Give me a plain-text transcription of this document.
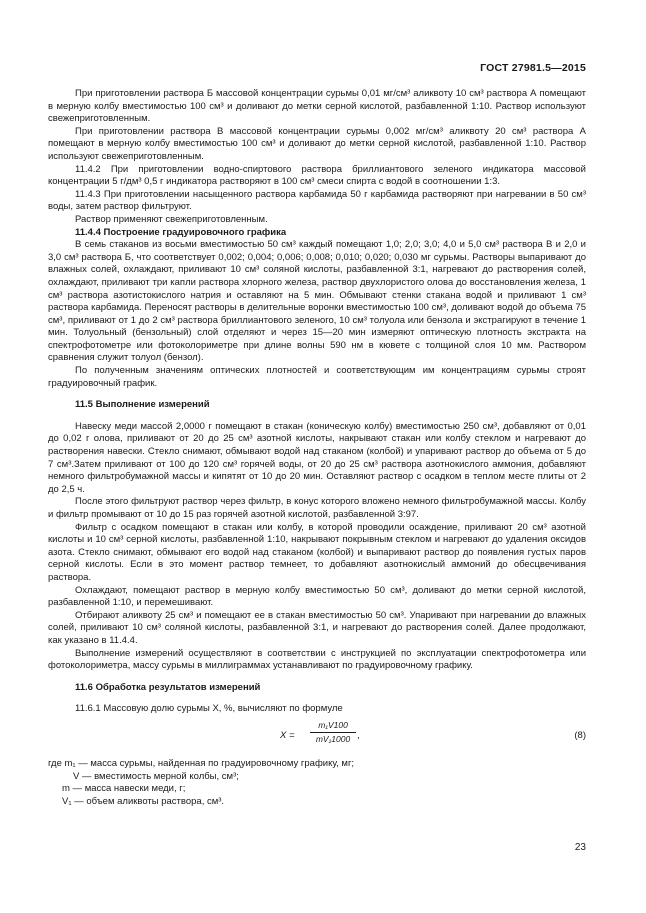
ГОСТ 27981.5—2015

При приготовлении раствора Б массовой концентрации сурьмы 0,01 мг/см³ аликвоту 10 см³ раствора А помещают в мерную колбу вместимостью 100 см³ и доливают до метки серной кислотой, разбавленной 1:10. Раствор используют свежеприготовленным.

При приготовлении раствора В массовой концентрации сурьмы 0,002 мг/см³ аликвоту 20 см³ раствора А помещают в мерную колбу вместимостью 100 см³ и доливают до метки серной кислотой, разбавленной 1:10. Раствор используют свежеприготовленным.

11.4.2 При приготовлении водно-спиртового раствора бриллиантового зеленого индикатора массовой концентрации 5 г/дм³ 0,5 г индикатора растворяют в 100 см³ смеси спирта с водой в соотношении 1:3.

11.4.3 При приготовлении насыщенного раствора карбамида 50 г карбамида растворяют при нагревании в 50 см³ воды, затем раствор фильтруют.

Раствор применяют свежеприготовленным.

11.4.4 Построение градуировочного графика

В семь стаканов из восьми вместимостью 50 см³ каждый помещают 1,0; 2,0; 3,0; 4,0 и 5,0 см³ раствора В и 2,0 и 3,0 см³ раствора Б, что соответствует 0,002; 0,004; 0,006; 0,008; 0,010; 0,020; 0,030 мг сурьмы. Растворы выпаривают до влажных солей, охлаждают, приливают 10 см³ соляной кислоты, разбавленной 3:1, нагревают до растворения солей, охлаждают, приливают три капли раствора хлорного железа, раствор двухлористого олова до восстановления железа, 1 см³ раствора азотистокислого натрия и оставляют на 5 мин. Обмывают стенки стакана водой и приливают 1 см³ раствора карбамида. Переносят растворы в делительные воронки вместимостью 100 см³, доливают водой до объема 75 см³, приливают от 1 до 2 см³ раствора бриллиантового зеленого, 10 см³ толуола или бензола и экстрагируют в течение 1 мин. Толуольный (бензольный) слой отделяют и через 15—20 мин измеряют оптическую плотность экстракта на спектрофотометре или фотоколориметре при длине волны 590 нм в кювете с толщиной слоя 10 мм. Раствором сравнения служит толуол (бензол).

По полученным значениям оптических плотностей и соответствующим им концентрациям сурьмы строят градуировочный график.

11.5 Выполнение измерений

Навеску меди массой 2,0000 г помещают в стакан (коническую колбу) вместимостью 250 см³, добавляют от 0,01 до 0,02 г олова, приливают от 20 до 25 см³ азотной кислоты, накрывают стакан или колбу стеклом и нагревают до растворения навески. Стекло снимают, обмывают водой над стаканом (колбой) и упаривают раствор до объема от 5 до 7 см³.Затем приливают от 100 до 120 см³ горячей воды, от 20 до 25 см³ раствора азотнокислого аммония, добавляют немного фильтробумажной массы и кипятят от 10 до 20 мин. Оставляют раствор с осадком в теплом месте плиты от 2 до 2,5 ч.

После этого фильтруют раствор через фильтр, в конус которого вложено немного фильтробумажной массы. Колбу и фильтр промывают от 10 до 15 раз горячей азотной кислотой, разбавленной 3:97.

Фильтр с осадком помещают в стакан или колбу, в которой проводили осаждение, приливают 20 см³ азотной кислоты и 10 см³ серной кислоты, разбавленной 1:10, накрывают покрывным стеклом и нагревают до удаления оксидов азота. Стекло снимают, обмывают его водой над стаканом (колбой) и выпаривают раствор до появления густых паров серной кислоты. Если в это момент раствор темнеет, то добавляют азотнокислый аммоний до обесцвечивания раствора.

Охлаждают, помещают раствор в мерную колбу вместимостью 50 см³, доливают до метки серной кислотой, разбавленной 1:10, и перемешивают.

Отбирают аликвоту 25 см³ и помещают ее в стакан вместимостью 50 см³. Упаривают при нагревании до влажных солей, приливают 10 см³ соляной кислоты, разбавленной 3:1, и нагревают до растворения солей. Далее продолжают, как указано в 11.4.4.

Выполнение измерений осуществляют в соответствии с инструкцией по эксплуатации спектрофотометра или фотоколориметра, массу сурьмы в миллиграммах устанавливают по градуировочному графику.

11.6 Обработка результатов измерений

11.6.1 Массовую долю сурьмы X, %, вычисляют по формуле

$X = \frac{\text{m₁V100}}{\text{mV₁1000}}$ ,	(8)
где m₁ — масса сурьмы, найденная по градуировочному графику, мг;
V — вместимость мерной колбы, см³;
m — масса навески меди, г;
V₁ — объем аликвоты раствора, см³.
23
